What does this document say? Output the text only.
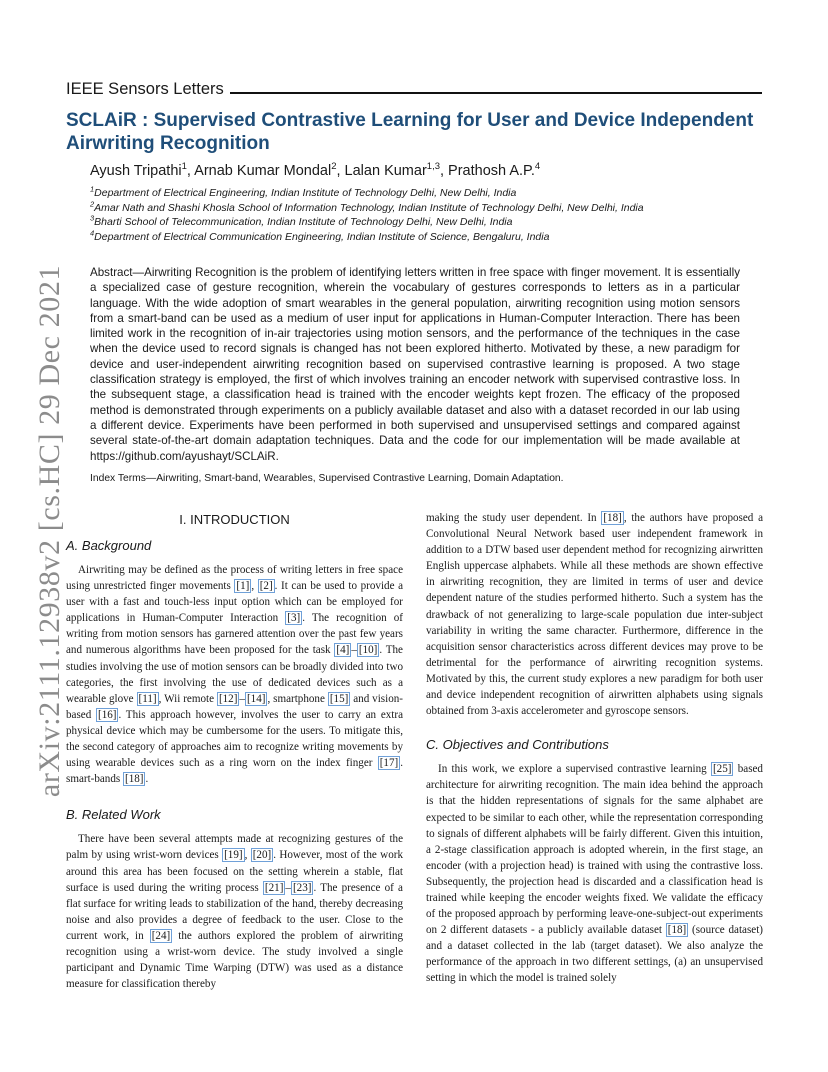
arXiv:2111.12938v2 [cs.HC] 29 Dec 2021
IEEE Sensors Letters
SCLAiR : Supervised Contrastive Learning for User and Device Independent Airwriting Recognition
Ayush Tripathi$^1$, Arnab Kumar Mondal$^2$, Lalan Kumar$^{1,3}$, Prathosh A.P.$^4$
$^1$Department of Electrical Engineering, Indian Institute of Technology Delhi, New Delhi, India
$^2$Amar Nath and Shashi Khosla School of Information Technology, Indian Institute of Technology Delhi, New Delhi, India
$^3$Bharti School of Telecommunication, Indian Institute of Technology Delhi, New Delhi, India
$^4$Department of Electrical Communication Engineering, Indian Institute of Science, Bengaluru, India

Abstract—Airwriting Recognition is the problem of identifying letters written in free space with finger movement. It is essentially a specialized case of gesture recognition, wherein the vocabulary of gestures corresponds to letters as in a particular language. With the wide adoption of smart wearables in the general population, airwriting recognition using motion sensors from a smart-band can be used as a medium of user input for applications in Human-Computer Interaction. There has been limited work in the recognition of in-air trajectories using motion sensors, and the performance of the techniques in the case when the device used to record signals is changed has not been explored hitherto. Motivated by these, a new paradigm for device and user-independent airwriting recognition based on supervised contrastive learning is proposed. A two stage classification strategy is employed, the first of which involves training an encoder network with supervised contrastive loss. In the subsequent stage, a classification head is trained with the encoder weights kept frozen. The efficacy of the proposed method is demonstrated through experiments on a publicly available dataset and also with a dataset recorded in our lab using a different device. Experiments have been performed in both supervised and unsupervised settings and compared against several state-of-the-art domain adaptation techniques. Data and the code for our implementation will be made available at https://github.com/ayushayt/SCLAiR.

Index Terms—Airwriting, Smart-band, Wearables, Supervised Contrastive Learning, Domain Adaptation.

I. INTRODUCTION
A. Background

Airwriting may be defined as the process of writing letters in free space using unrestricted finger movements [1] , [2] . It can be used to provide a user with a fast and touch-less input option which can be employed for applications in Human-Computer Interaction [3] . The recognition of writing from motion sensors has garnered attention over the past few years and numerous algorithms have been proposed for the task [4] – [10] . The studies involving the use of motion sensors can be broadly divided into two categories, the first involving the use of dedicated devices such as a wearable glove [11] , Wii remote [12] – [14] , smartphone [15] and vision-based [16] . This approach however, involves the user to carry an extra physical device which may be cumbersome for the users. To mitigate this, the second category of approaches aim to recognize writing movements by using wearable devices such as a ring worn on the index finger [17] . smart-bands [18] .

B. Related Work

There have been several attempts made at recognizing gestures of the palm by using wrist-worn devices [19] , [20] . However, most of the work around this area has been focused on the setting wherein a stable, flat surface is used during the writing process [21] – [23] . The presence of a flat surface for writing leads to stabilization of the hand, thereby decreasing noise and also provides a degree of feedback to the user. Close to the current work, in [24] the authors explored the problem of airwriting recognition using a wrist-worn device. The study involved a single participant and Dynamic Time Warping (DTW) was used as a distance measure for classification thereby

making the study user dependent. In [18] , the authors have proposed a Convolutional Neural Network based user independent framework in addition to a DTW based user dependent method for recognizing airwritten English uppercase alphabets. While all these methods are shown effective in airwriting recognition, they are limited in terms of user and device dependent nature of the studies performed hitherto. Such a system has the drawback of not generalizing to large-scale population due inter-subject variability in writing the same character. Furthermore, difference in the acquisition sensor characteristics across different devices may prove to be detrimental for the performance of airwriting recognition systems. Motivated by this, the current study explores a new paradigm for both user and device independent recognition of airwritten alphabets using signals obtained from 3-axis accelerometer and gyroscope sensors.

C. Objectives and Contributions

In this work, we explore a supervised contrastive learning [25] based architecture for airwriting recognition. The main idea behind the approach is that the hidden representations of signals for the same alphabet are expected to be similar to each other, while the representation corresponding to signals of different alphabets will be fairly different. Given this intuition, a 2-stage classification approach is adopted wherein, in the first stage, an encoder (with a projection head) is trained with using the contrastive loss. Subsequently, the projection head is discarded and a classification head is trained while keeping the encoder weights fixed. We validate the efficacy of the proposed approach by performing leave-one-subject-out experiments on 2 different datasets - a publicly available dataset [18] (source dataset) and a dataset collected in the lab (target dataset). We also analyze the performance of the approach in two different settings, (a) an unsupervised setting in which the model is trained solely
